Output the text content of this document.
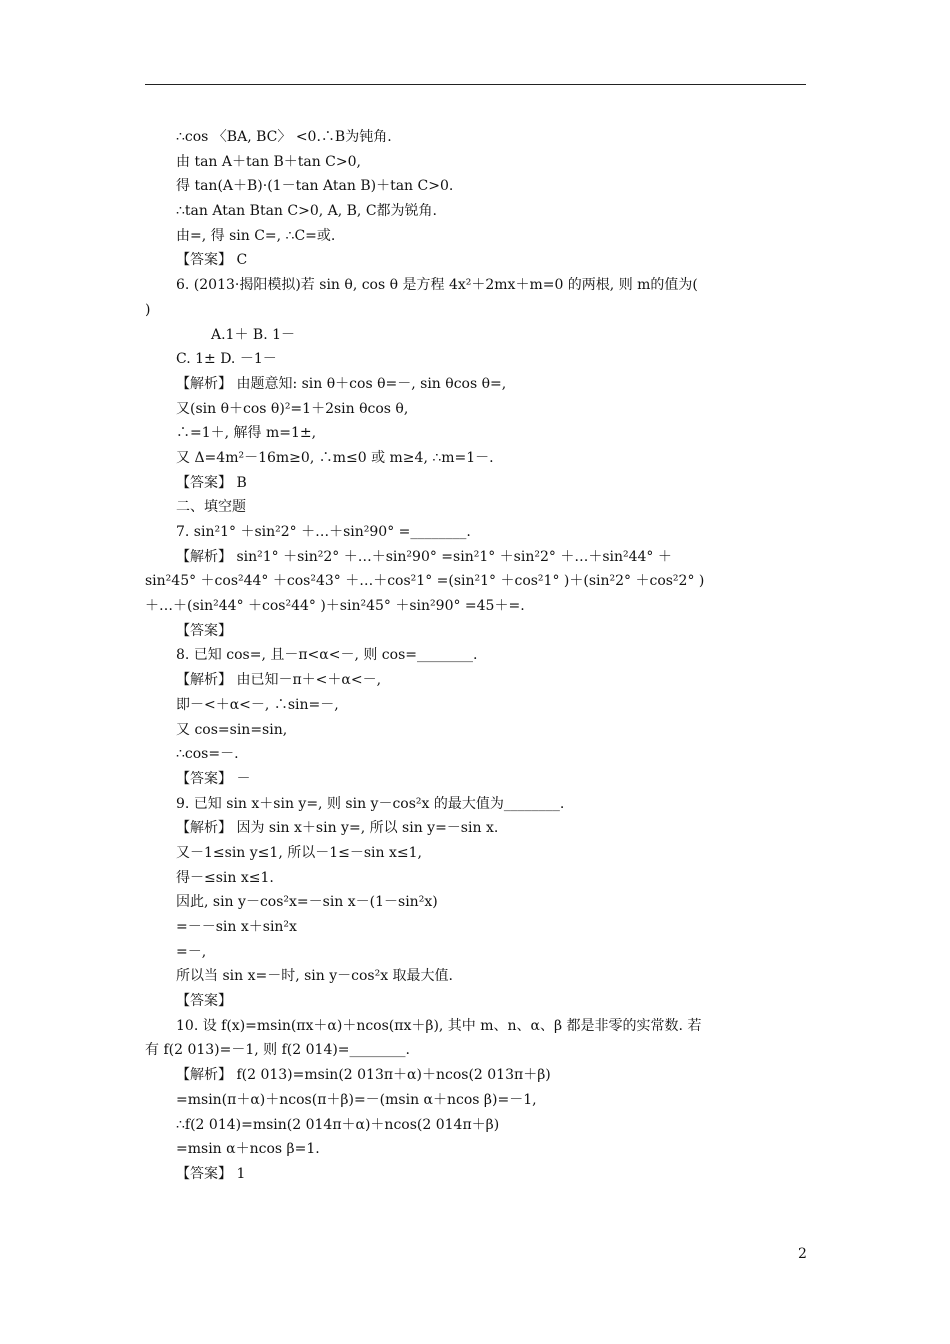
∴cos 〈BA, BC〉 <0.∴B为钝角.
由 tan A＋tan B＋tan C>0,
得 tan(A＋B)·(1－tan Atan B)＋tan C>0.
∴tan Atan Btan C>0, A, B, C都为锐角.
由=, 得 sin C=, ∴C=或.
【答案】 C
6. (2013·揭阳模拟)若 sin θ, cos θ 是方程 4x²＋2mx＋m=0 的两根, 则 m的值为(
)
A.1＋ B. 1－
C. 1± D. －1－
【解析】 由题意知: sin θ＋cos θ=－, sin θcos θ=,
又(sin θ＋cos θ)²=1＋2sin θcos θ,
∴=1＋, 解得 m=1±,
又 Δ=4m²－16m≥0, ∴m≤0 或 m≥4, ∴m=1－.
【答案】 B
二、填空题
7. sin²1° ＋sin²2° ＋…＋sin²90° =________.
【解析】 sin²1° ＋sin²2° ＋…＋sin²90° =sin²1° ＋sin²2° ＋…＋sin²44° ＋
sin²45° ＋cos²44° ＋cos²43° ＋…＋cos²1° =(sin²1° ＋cos²1° )＋(sin²2° ＋cos²2° )
＋…＋(sin²44° ＋cos²44° )＋sin²45° ＋sin²90° =45＋=.
【答案】
8. 已知 cos=, 且－π<α<－, 则 cos=________.
【解析】 由已知－π＋<＋α<－,
即－<＋α<－, ∴sin=－,
又 cos=sin=sin,
∴cos=－.
【答案】 －
9. 已知 sin x＋sin y=, 则 sin y－cos²x 的最大值为________.
【解析】 因为 sin x＋sin y=, 所以 sin y=－sin x.
又－1≤sin y≤1, 所以－1≤－sin x≤1,
得－≤sin x≤1.
因此, sin y－cos²x=－sin x－(1－sin²x)
=－－sin x＋sin²x
=－,
所以当 sin x=－时, sin y－cos²x 取最大值.
【答案】
10. 设 f(x)=msin(πx＋α)＋ncos(πx＋β), 其中 m、n、α、β 都是非零的实常数. 若
有 f(2 013)=－1, 则 f(2 014)=________.
【解析】 f(2 013)=msin(2 013π＋α)＋ncos(2 013π＋β)
=msin(π＋α)＋ncos(π＋β)=－(msin α＋ncos β)=－1,
∴f(2 014)=msin(2 014π＋α)＋ncos(2 014π＋β)
=msin α＋ncos β=1.
【答案】 1
2
